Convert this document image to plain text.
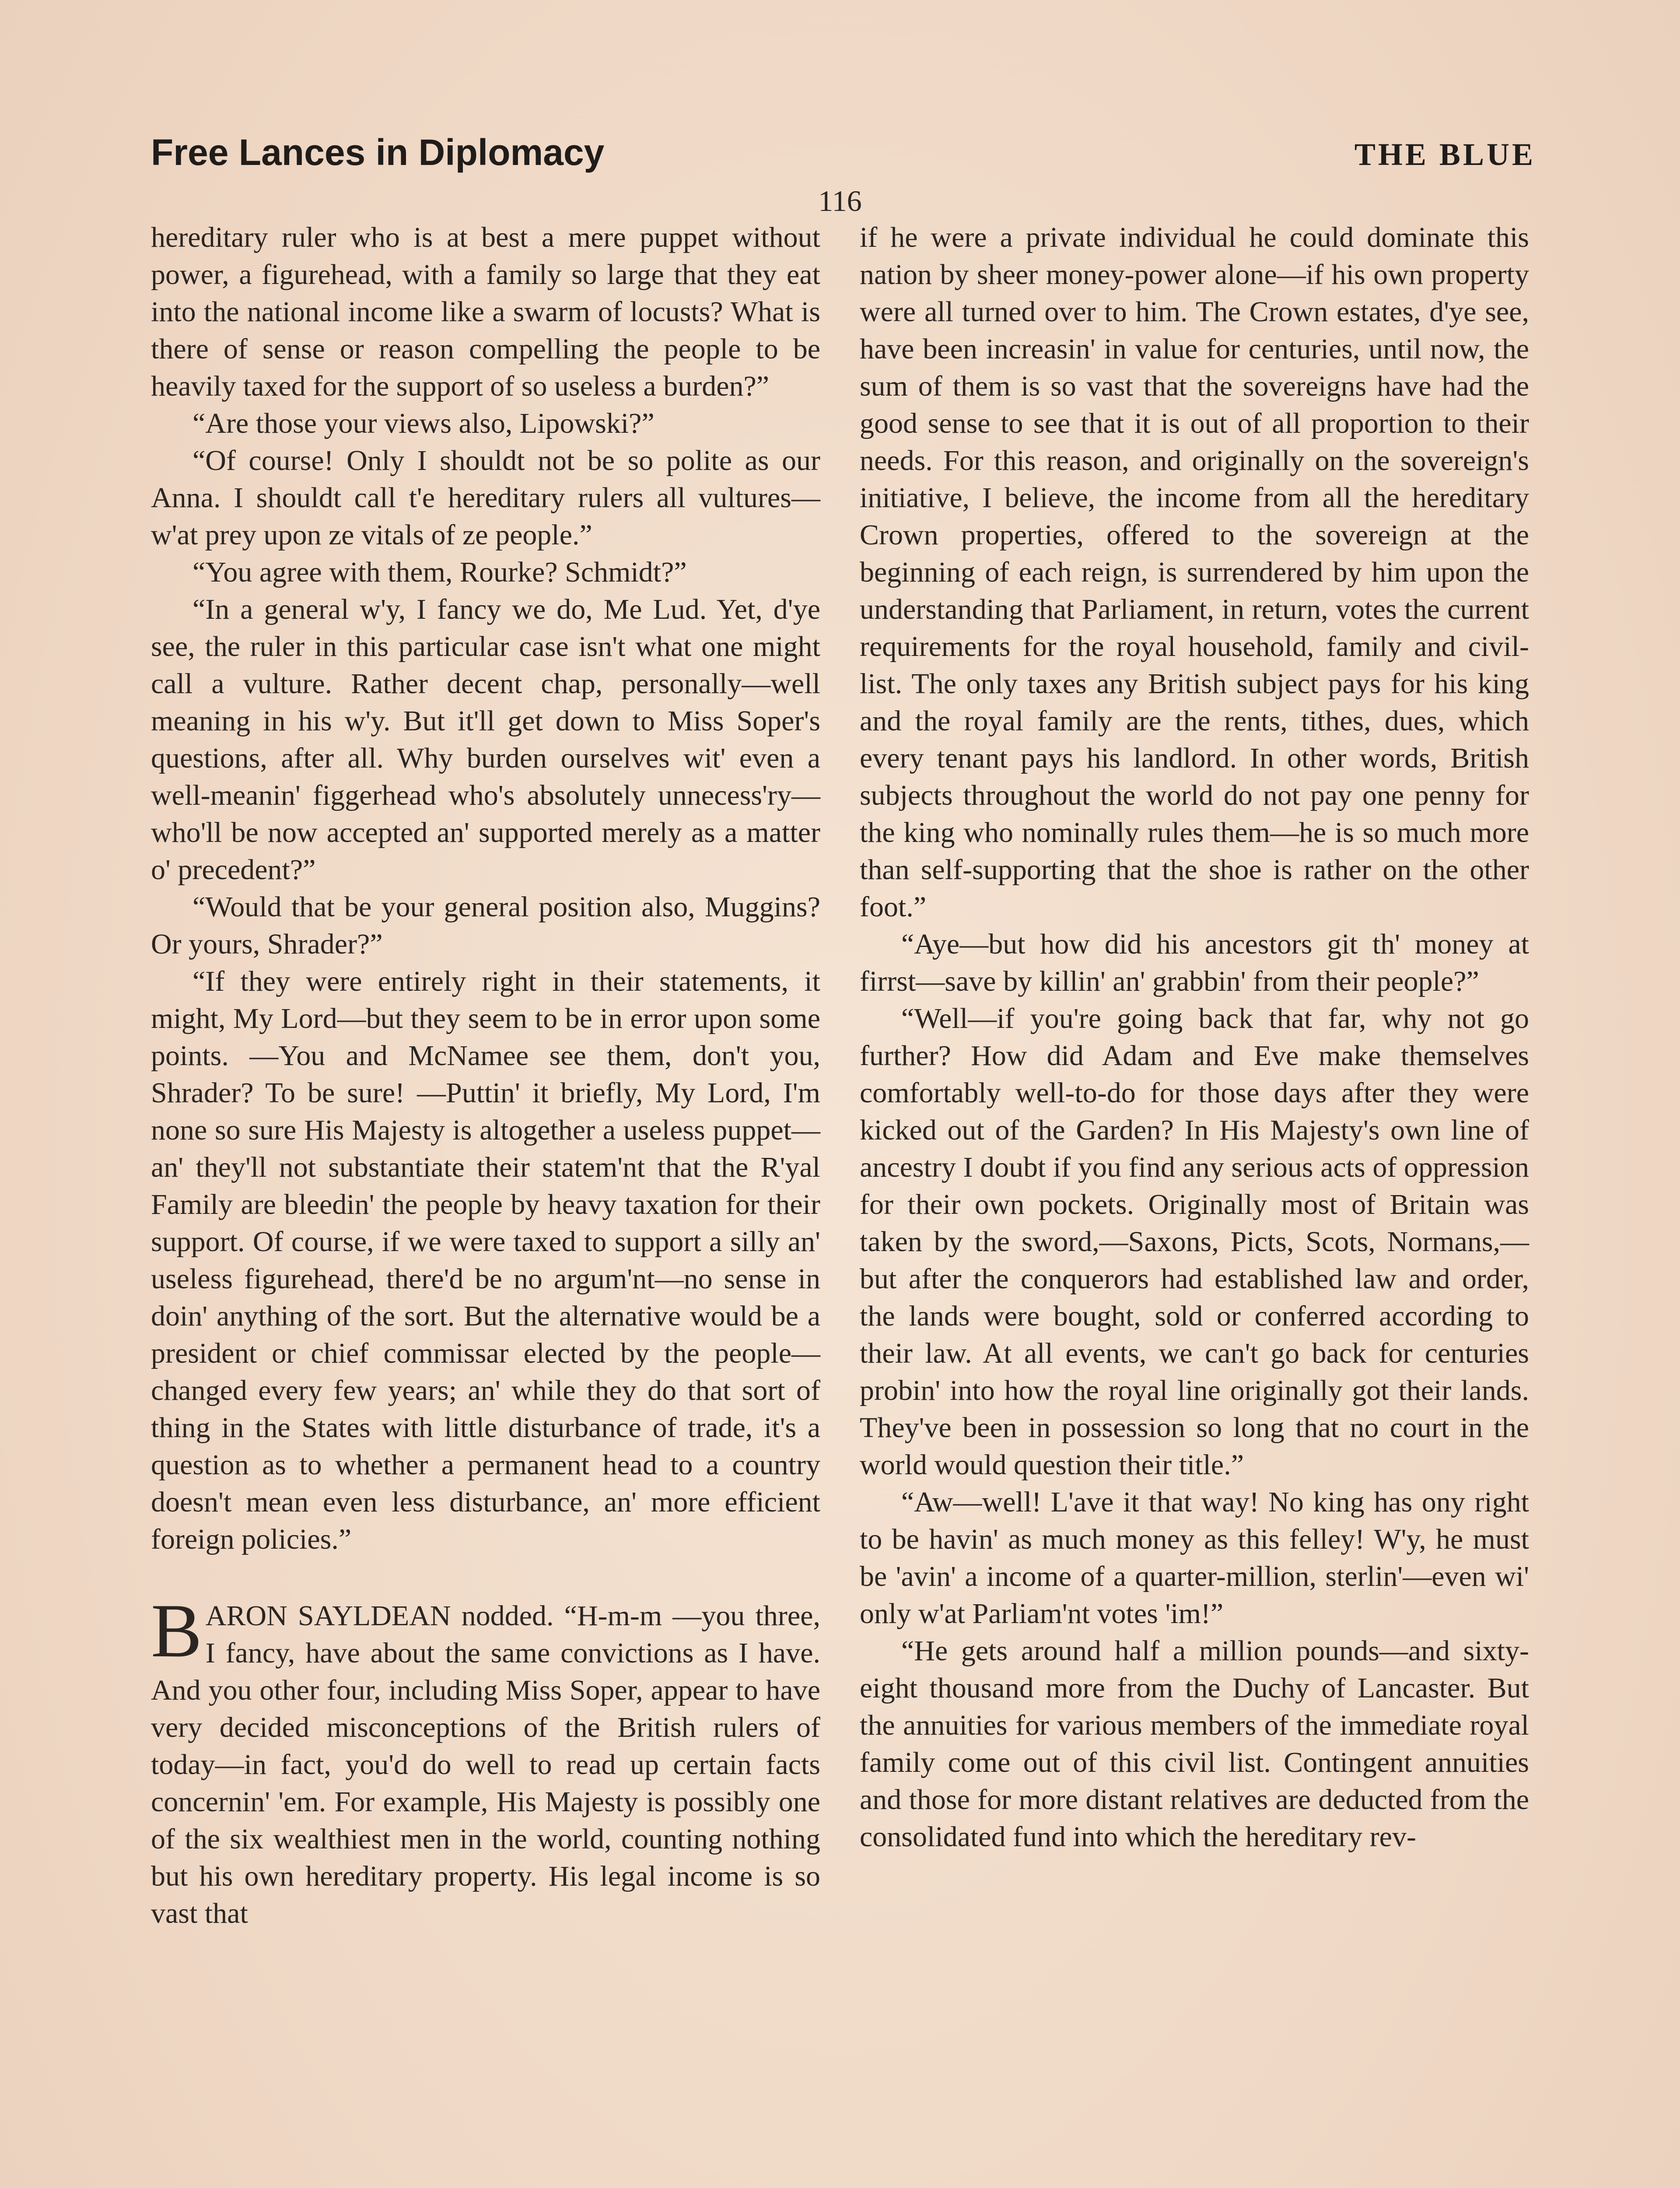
Free Lances in Diplomacy	THE BLUE
116

hereditary ruler who is at best a mere puppet without power, a figurehead, with a family so large that they eat into the national income like a swarm of locusts? What is there of sense or reason compelling the people to be heavily taxed for the support of so useless a burden?”

“Are those your views also, Lipowski?”

“Of course! Only I shouldt not be so polite as our Anna. I shouldt call t'e hereditary rulers all vultures—w'at prey upon ze vitals of ze people.”

“You agree with them, Rourke? Schmidt?”

“In a general w'y, I fancy we do, Me Lud. Yet, d'ye see, the ruler in this particular case isn't what one might call a vulture. Rather decent chap, personally—well meaning in his w'y. But it'll get down to Miss Soper's questions, after all. Why burden ourselves wit' even a well-meanin' figgerhead who's absolutely unnecess'ry—who'll be now accepted an' supported merely as a matter o' precedent?”

“Would that be your general position also, Muggins? Or yours, Shrader?”

“If they were entirely right in their statements, it might, My Lord—but they seem to be in error upon some points. —You and McNamee see them, don't you, Shrader? To be sure! —Puttin' it briefly, My Lord, I'm none so sure His Majesty is altogether a useless puppet—an' they'll not substantiate their statem'nt that the R'yal Family are bleedin' the people by heavy taxation for their support. Of course, if we were taxed to support a silly an' useless figurehead, there'd be no argum'nt—no sense in doin' anything of the sort. But the alternative would be a president or chief commissar elected by the people—changed every few years; an' while they do that sort of thing in the States with little disturbance of trade, it's a question as to whether a permanent head to a country doesn't mean even less disturbance, an' more efficient foreign policies.”

BARON SAYLDEAN nodded. “H-m-m —you three, I fancy, have about the same convictions as I have. And you other four, including Miss Soper, appear to have very decided misconceptions of the British rulers of today—in fact, you'd do well to read up certain facts concernin' 'em. For example, His Majesty is possibly one of the six wealthiest men in the world, counting nothing but his own hereditary property. His legal income is so vast that

if he were a private individual he could dominate this nation by sheer money-power alone—if his own property were all turned over to him. The Crown estates, d'ye see, have been increasin' in value for centuries, until now, the sum of them is so vast that the sovereigns have had the good sense to see that it is out of all proportion to their needs. For this reason, and originally on the sovereign's initiative, I believe, the income from all the hereditary Crown properties, offered to the sovereign at the beginning of each reign, is surrendered by him upon the understanding that Parliament, in return, votes the current requirements for the royal household, family and civil-list. The only taxes any British subject pays for his king and the royal family are the rents, tithes, dues, which every tenant pays his landlord. In other words, British subjects throughout the world do not pay one penny for the king who nominally rules them—he is so much more than self-supporting that the shoe is rather on the other foot.”

“Aye—but how did his ancestors git th' money at firrst—save by killin' an' grabbin' from their people?”

“Well—if you're going back that far, why not go further? How did Adam and Eve make themselves comfortably well-to-do for those days after they were kicked out of the Garden? In His Majesty's own line of ancestry I doubt if you find any serious acts of oppression for their own pockets. Originally most of Britain was taken by the sword,—Saxons, Picts, Scots, Normans,—but after the conquerors had established law and order, the lands were bought, sold or conferred according to their law. At all events, we can't go back for centuries probin' into how the royal line originally got their lands. They've been in possession so long that no court in the world would question their title.”

“Aw—well! L'ave it that way! No king has ony right to be havin' as much money as this felley! W'y, he must be 'avin' a income of a quarter-million, sterlin'—even wi' only w'at Parliam'nt votes 'im!”

“He gets around half a million pounds—and sixty-eight thousand more from the Duchy of Lancaster. But the annuities for various members of the immediate royal family come out of this civil list. Contingent annuities and those for more distant relatives are deducted from the consolidated fund into which the hereditary rev-
